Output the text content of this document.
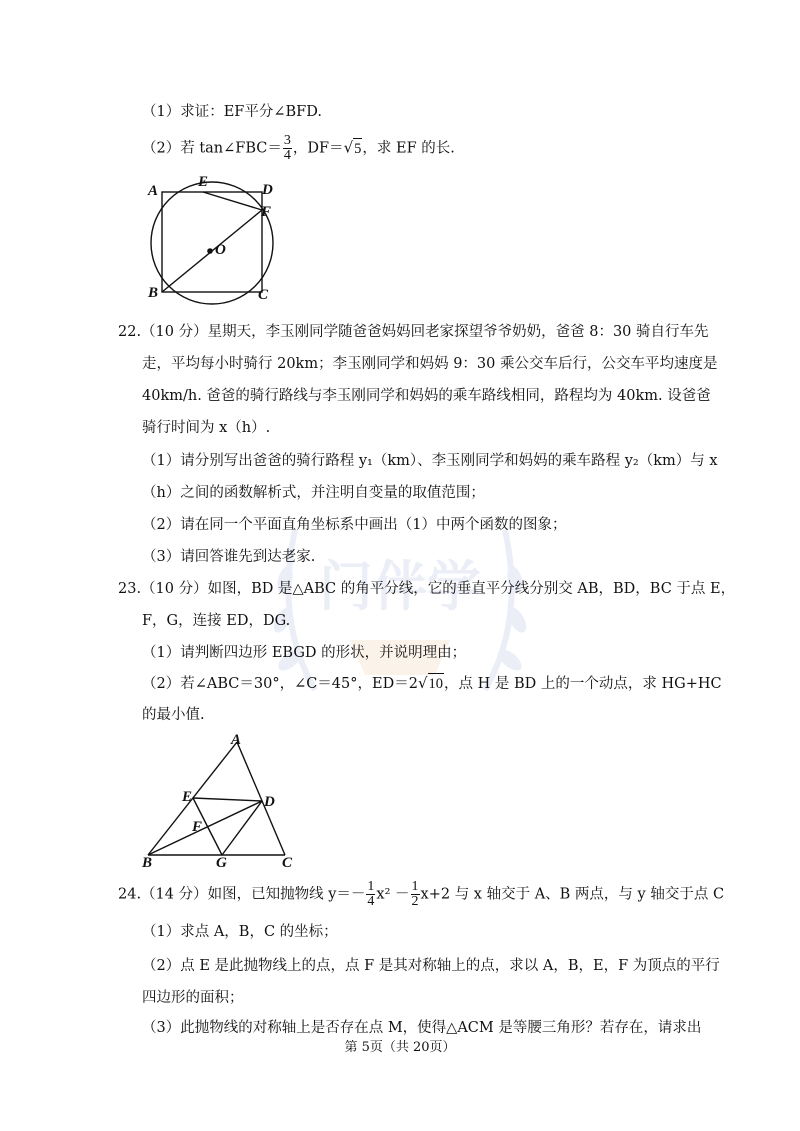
门伴学
（1）求证：EF平分∠BFD.
（2）若 tan∠FBC＝ $\frac{3}{4}$ ，DF＝√5，求 EF 的长.
A
E	D
F
O
B	C
22.（10 分）星期天，李玉刚同学随爸爸妈妈回老家探望爷爷奶奶，爸爸 8：30 骑自行车先
走，平均每小时骑行 20km；李玉刚同学和妈妈 9：30 乘公交车后行，公交车平均速度是
40km/h. 爸爸的骑行路线与李玉刚同学和妈妈的乘车路线相同，路程均为 40km. 设爸爸
骑行时间为 x（h）.
（1）请分别写出爸爸的骑行路程 y₁（km）、李玉刚同学和妈妈的乘车路程 y₂（km）与 x
（h）之间的函数解析式，并注明自变量的取值范围；
（2）请在同一个平面直角坐标系中画出（1）中两个函数的图象；
（3）请回答谁先到达老家.
23.（10 分）如图，BD 是△ABC 的角平分线，它的垂直平分线分别交 AB，BD，BC 于点 E，
F，G，连接 ED，DG.
（1）请判断四边形 EBGD 的形状，并说明理由；
（2）若∠ABC＝30°，∠C＝45°，ED＝2√10，点 H 是 BD 上的一个动点，求 HG+HC
的最小值.
A
E	D
F
B	G	C
24.（14 分）如图，已知抛物线 $y=- \frac{1}{4} x^2 - \frac{1}{2} x+2$ 与 x 轴交于 A、B 两点，与 y 轴交于点 C
（1）求点 A，B，C 的坐标；
（2）点 E 是此抛物线上的点，点 F 是其对称轴上的点，求以 A，B，E，F 为顶点的平行
四边形的面积；
（3）此抛物线的对称轴上是否存在点 M，使得△ACM 是等腰三角形？若存在，请求出
第 5页（共 20页）
